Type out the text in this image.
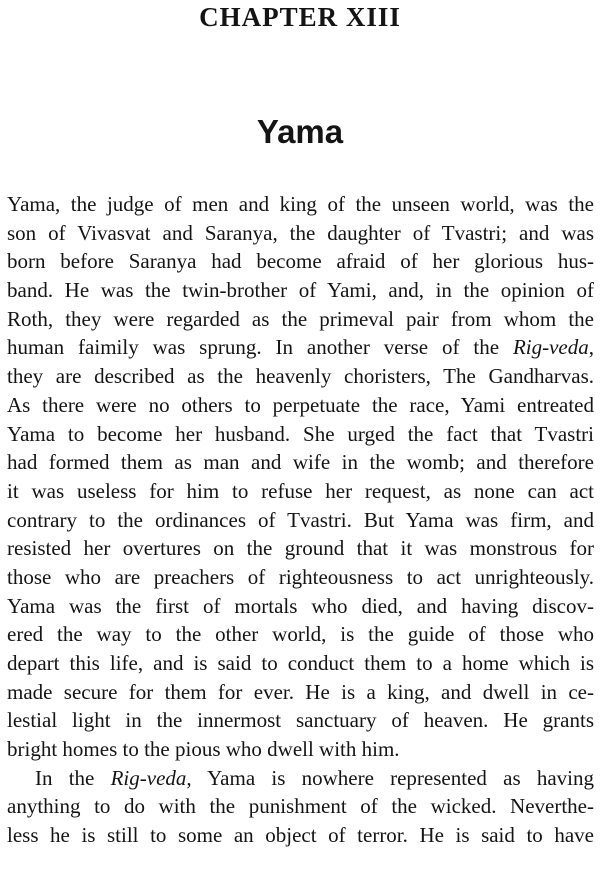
CHAPTER XIII
Yama
Yama, the judge of men and king of the unseen world, was the
son of Vivasvat and Saranya, the daughter of Tvastri; and was
born before Saranya had become afraid of her glorious hus-
band. He was the twin-brother of Yami, and, in the opinion of
Roth, they were regarded as the primeval pair from whom the
human faimily was sprung. In another verse of the Rig-veda,
they are described as the heavenly choristers, The Gandharvas.
As there were no others to perpetuate the race, Yami entreated
Yama to become her husband. She urged the fact that Tvastri
had formed them as man and wife in the womb; and therefore
it was useless for him to refuse her request, as none can act
contrary to the ordinances of Tvastri. But Yama was firm, and
resisted her overtures on the ground that it was monstrous for
those who are preachers of righteousness to act unrighteously.
Yama was the first of mortals who died, and having discov-
ered the way to the other world, is the guide of those who
depart this life, and is said to conduct them to a home which is
made secure for them for ever. He is a king, and dwell in ce-
lestial light in the innermost sanctuary of heaven. He grants
bright homes to the pious who dwell with him.
In the Rig-veda, Yama is nowhere represented as having
anything to do with the punishment of the wicked. Neverthe-
less he is still to some an object of terror. He is said to have
